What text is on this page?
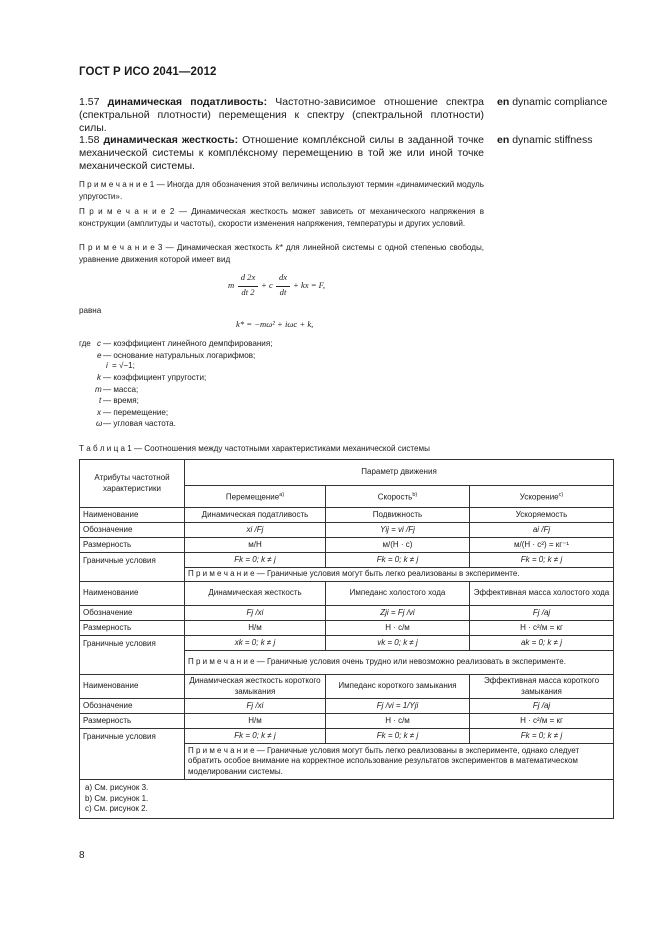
ГОСТ Р ИСО 2041—2012
1.57 динамическая податливость: Частотно-зависимое отношение спектра (спектральной плотности) перемещения к спектру (спектральной плотности) силы.
en dynamic compliance
1.58 динамическая жесткость: Отношение комплéксной силы в заданной точке механической системы к комплéксному перемещению в той же или иной точке механической системы.
en dynamic stiffness
П р и м е ч а н и е 1 — Иногда для обозначения этой величины используют термин «динамический модуль упругости».
П р и м е ч а н и е 2 — Динамическая жесткость может зависеть от механического напряжения в конструкции (амплитуды и частоты), скорости изменения напряжения, температуры и других условий.
П р и м е ч а н и е 3 — Динамическая жесткость k* для линейной системы с одной степенью свободы, уравнение движения которой имеет вид
m
d 2x
dt 2
+ c
dx
dt
+ kx = F,
равна
k* = −mω² + iωc + k,
где c — коэффициент линейного демпфирования;
e — основание натуральных логарифмов;
i = √−1;
k — коэффициент упругости;
m — масса;
t — время;
x — перемещение;
ω — угловая частота.
Т а б л и ц а 1 — Соотношения между частотными характеристиками механической системы
Атрибуты частотной характеристики	Параметр движения		
	Перемещение$^{а)}$	Скорость$^{b)}$	Ускорение$^{c)}$
Наименование	Динамическая податливость	Подвижность	Ускоряемость
Обозначение	xi /Fj	Yij = vi /Fj	ai /Fj
Размерность	м/Н	м/(Н · с)	м/(Н · с²) = кг⁻¹
Граничные условия	Fk = 0; k ≠ j	Fk = 0; k ≠ j	Fk = 0; k ≠ j
	П р и м е ч а н и е — Граничные условия могут быть легко реализованы в эксперименте.		
Наименование	Динамическая жесткость	Импеданс холостого хода	Эффективная масса холостого хода
Обозначение	Fj /xi	Zji = Fj /vi	Fj /aj
Размерность	Н/м	Н · с/м	Н · с²/м = кг
Граничные условия	xk = 0; k ≠ j	vk = 0; k ≠ j	ak = 0; k ≠ j
	П р и м е ч а н и е — Граничные условия очень трудно или невозможно реализовать в эксперименте.		
Наименование	Динамическая жесткость короткого замыкания	Импеданс короткого замыкания	Эффективная масса короткого замыкания
Обозначение	Fj /xi	Fj /vi = 1/Yji	Fj /aj
Размерность	Н/м	Н · с/м	Н · с²/м = кг
Граничные условия	Fk = 0; k ≠ j	Fk = 0; k ≠ j	Fk = 0; k ≠ j
	П р и м е ч а н и е — Граничные условия могут быть легко реализованы в эксперименте, однако следует обратить особое внимание на корректное использование результатов экспериментов в математическом моделировании системы.		

а) См. рисунок 3.
b) См. рисунок 1.
c) См. рисунок 2.			
8
